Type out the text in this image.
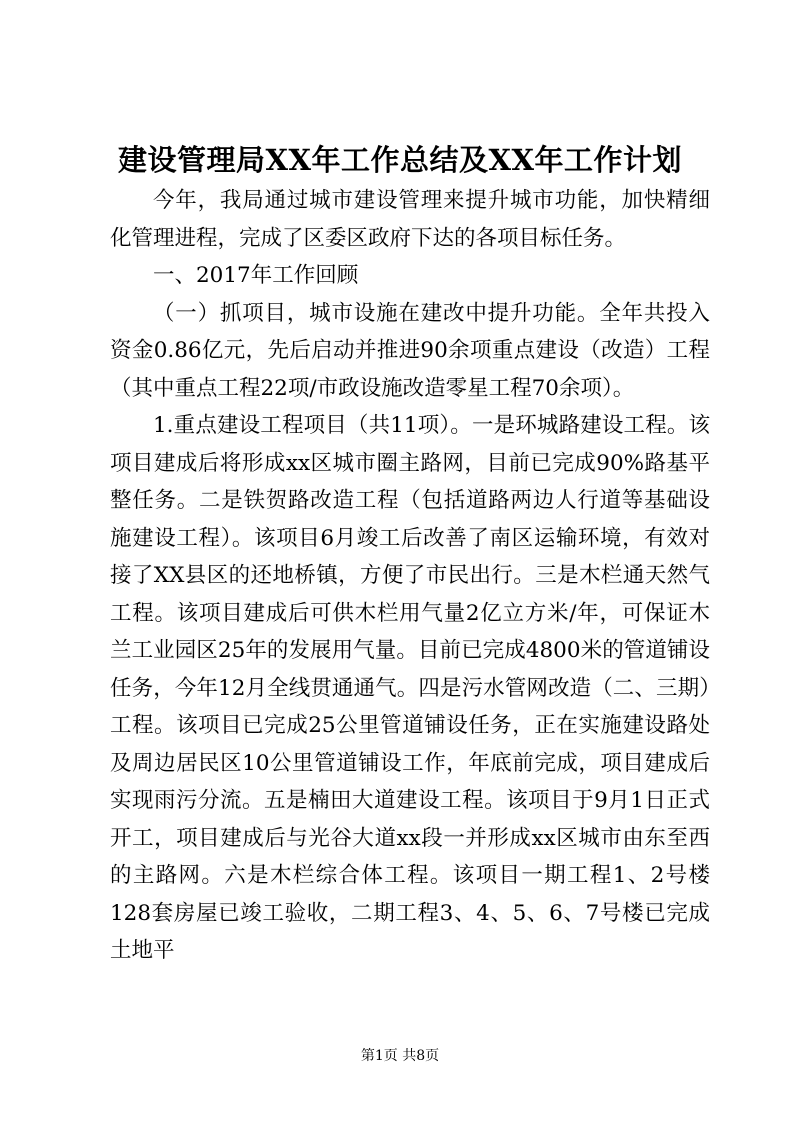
建设管理局XX年工作总结及XX年工作计划

今年，我局通过城市建设管理来提升城市功能，加快精细化管理进程，完成了区委区政府下达的各项目标任务。

一、2017年工作回顾

（一）抓项目，城市设施在建改中提升功能。全年共投入资金0.86亿元，先后启动并推进90余项重点建设（改造）工程（其中重点工程22项/市政设施改造零星工程70余项）。

1.重点建设工程项目（共11项）。一是环城路建设工程。该项目建成后将形成xx区城市圈主路网，目前已完成90%路基平整任务。二是铁贺路改造工程（包括道路两边人行道等基础设施建设工程）。该项目6月竣工后改善了南区运输环境，有效对接了XX县区的还地桥镇，方便了市民出行。三是木栏通天然气工程。该项目建成后可供木栏用气量2亿立方米/年，可保证木兰工业园区25年的发展用气量。目前已完成4800米的管道铺设任务，今年12月全线贯通通气。四是污水管网改造（二、三期）工程。该项目已完成25公里管道铺设任务，正在实施建设路处及周边居民区10公里管道铺设工作，年底前完成，项目建成后实现雨污分流。五是楠田大道建设工程。该项目于9月1日正式开工，项目建成后与光谷大道xx段一并形成xx区城市由东至西的主路网。六是木栏综合体工程。该项目一期工程1、2号楼128套房屋已竣工验收，二期工程3、4、5、6、7号楼已完成土地平

第1页 共8页
